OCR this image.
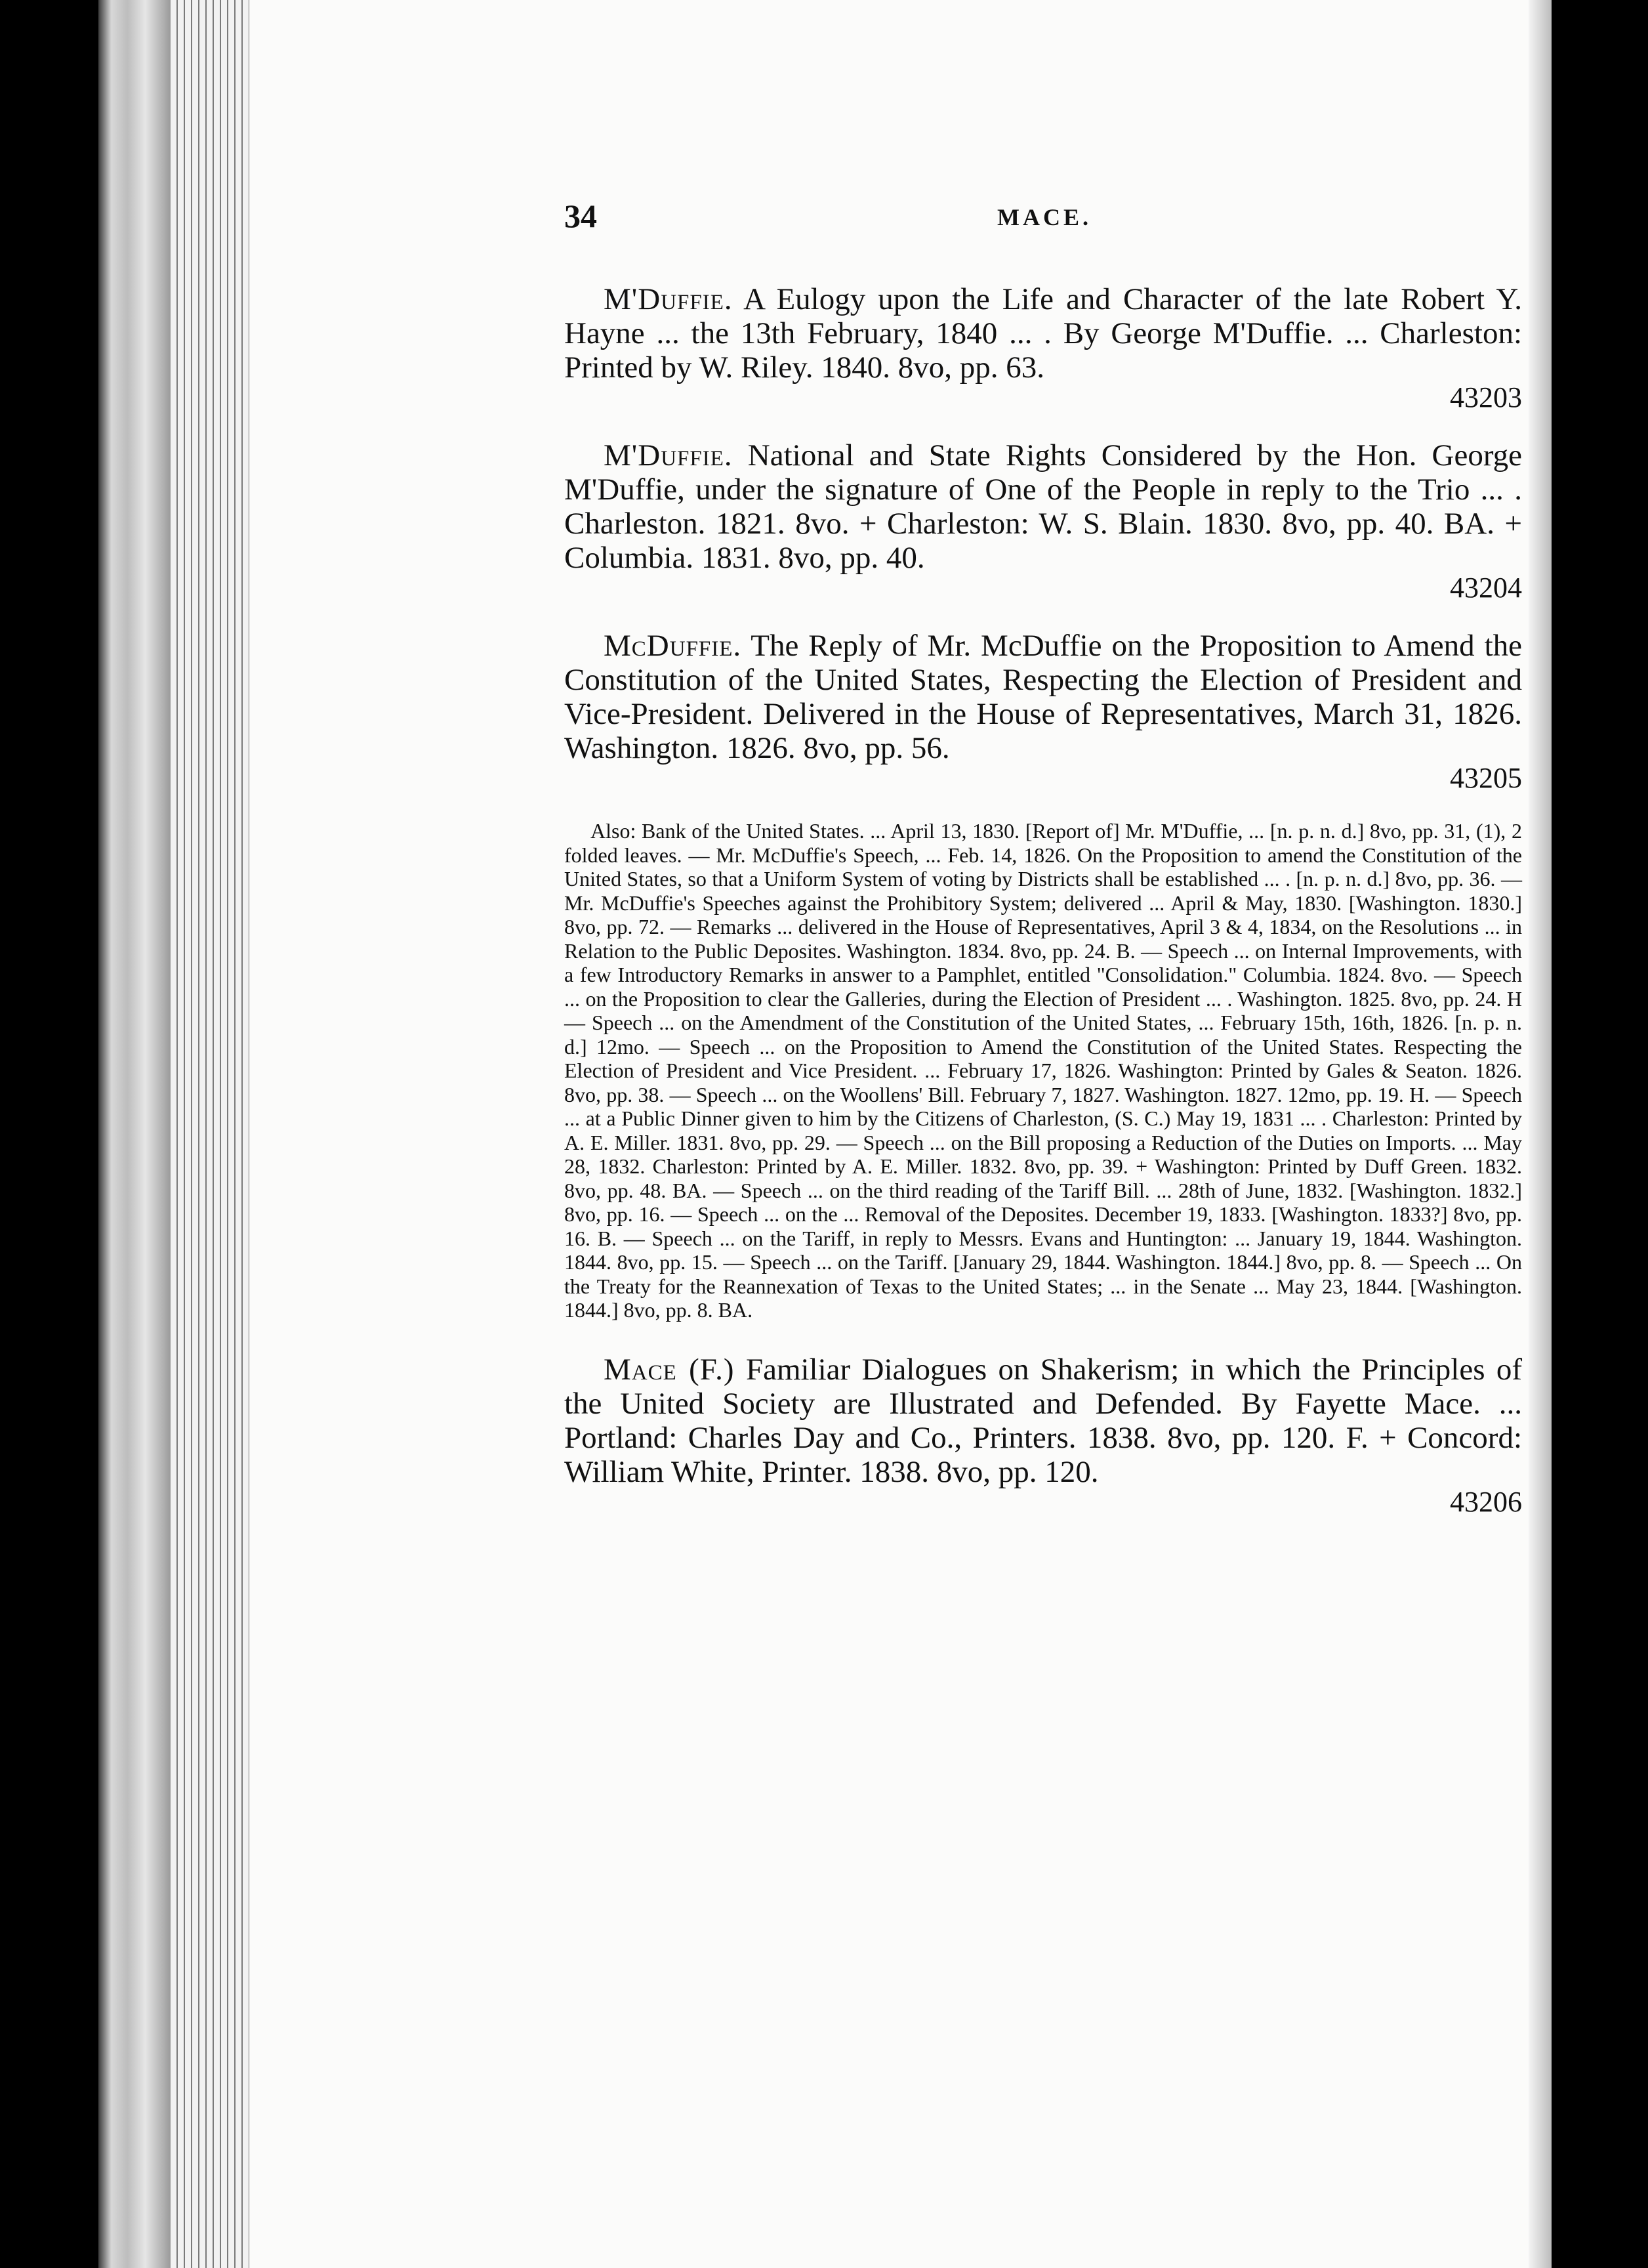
34	MACE.

M'Duffie. A Eulogy upon the Life and Character of the late Robert Y. Hayne ... the 13th February, 1840 ... . By George M'Duffie. ... Charleston: Printed by W. Riley. 1840. 8vo, pp. 63.

43203

M'Duffie. National and State Rights Considered by the Hon. George M'Duffie, under the signature of One of the People in reply to the Trio ... . Charleston. 1821. 8vo. + Charleston: W. S. Blain. 1830. 8vo, pp. 40. BA. + Columbia. 1831. 8vo, pp. 40.

43204

McDuffie. The Reply of Mr. McDuffie on the Proposition to Amend the Constitution of the United States, Respecting the Election of President and Vice-President. Delivered in the House of Representatives, March 31, 1826. Washington. 1826. 8vo, pp. 56.

43205

Also: Bank of the United States. ... April 13, 1830. [Report of] Mr. M'Duffie, ... [n. p. n. d.] 8vo, pp. 31, (1), 2 folded leaves. — Mr. McDuffie's Speech, ... Feb. 14, 1826. On the Proposition to amend the Constitution of the United States, so that a Uniform System of voting by Districts shall be established ... . [n. p. n. d.] 8vo, pp. 36. — Mr. McDuffie's Speeches against the Prohibitory System; delivered ... April & May, 1830. [Washington. 1830.] 8vo, pp. 72. — Remarks ... delivered in the House of Representatives, April 3 & 4, 1834, on the Resolutions ... in Relation to the Public Deposites. Washington. 1834. 8vo, pp. 24. B. — Speech ... on Internal Improvements, with a few Introductory Remarks in answer to a Pamphlet, entitled "Consolidation." Columbia. 1824. 8vo. — Speech ... on the Proposition to clear the Galleries, during the Election of President ... . Washington. 1825. 8vo, pp. 24. H — Speech ... on the Amendment of the Constitution of the United States, ... February 15th, 16th, 1826. [n. p. n. d.] 12mo. — Speech ... on the Proposition to Amend the Constitution of the United States. Respecting the Election of President and Vice President. ... February 17, 1826. Washington: Printed by Gales & Seaton. 1826. 8vo, pp. 38. — Speech ... on the Woollens' Bill. February 7, 1827. Washington. 1827. 12mo, pp. 19. H. — Speech ... at a Public Dinner given to him by the Citizens of Charleston, (S. C.) May 19, 1831 ... . Charleston: Printed by A. E. Miller. 1831. 8vo, pp. 29. — Speech ... on the Bill proposing a Reduction of the Duties on Imports. ... May 28, 1832. Charleston: Printed by A. E. Miller. 1832. 8vo, pp. 39. + Washington: Printed by Duff Green. 1832. 8vo, pp. 48. BA. — Speech ... on the third reading of the Tariff Bill. ... 28th of June, 1832. [Washington. 1832.] 8vo, pp. 16. — Speech ... on the ... Removal of the Deposites. December 19, 1833. [Washington. 1833?] 8vo, pp. 16. B. — Speech ... on the Tariff, in reply to Messrs. Evans and Huntington: ... January 19, 1844. Washington. 1844. 8vo, pp. 15. — Speech ... on the Tariff. [January 29, 1844. Washington. 1844.] 8vo, pp. 8. — Speech ... On the Treaty for the Reannexation of Texas to the United States; ... in the Senate ... May 23, 1844. [Washington. 1844.] 8vo, pp. 8. BA.

Mace (F.) Familiar Dialogues on Shakerism; in which the Principles of the United Society are Illustrated and Defended. By Fayette Mace. ... Portland: Charles Day and Co., Printers. 1838. 8vo, pp. 120. F. + Concord: William White, Printer. 1838. 8vo, pp. 120.

43206
